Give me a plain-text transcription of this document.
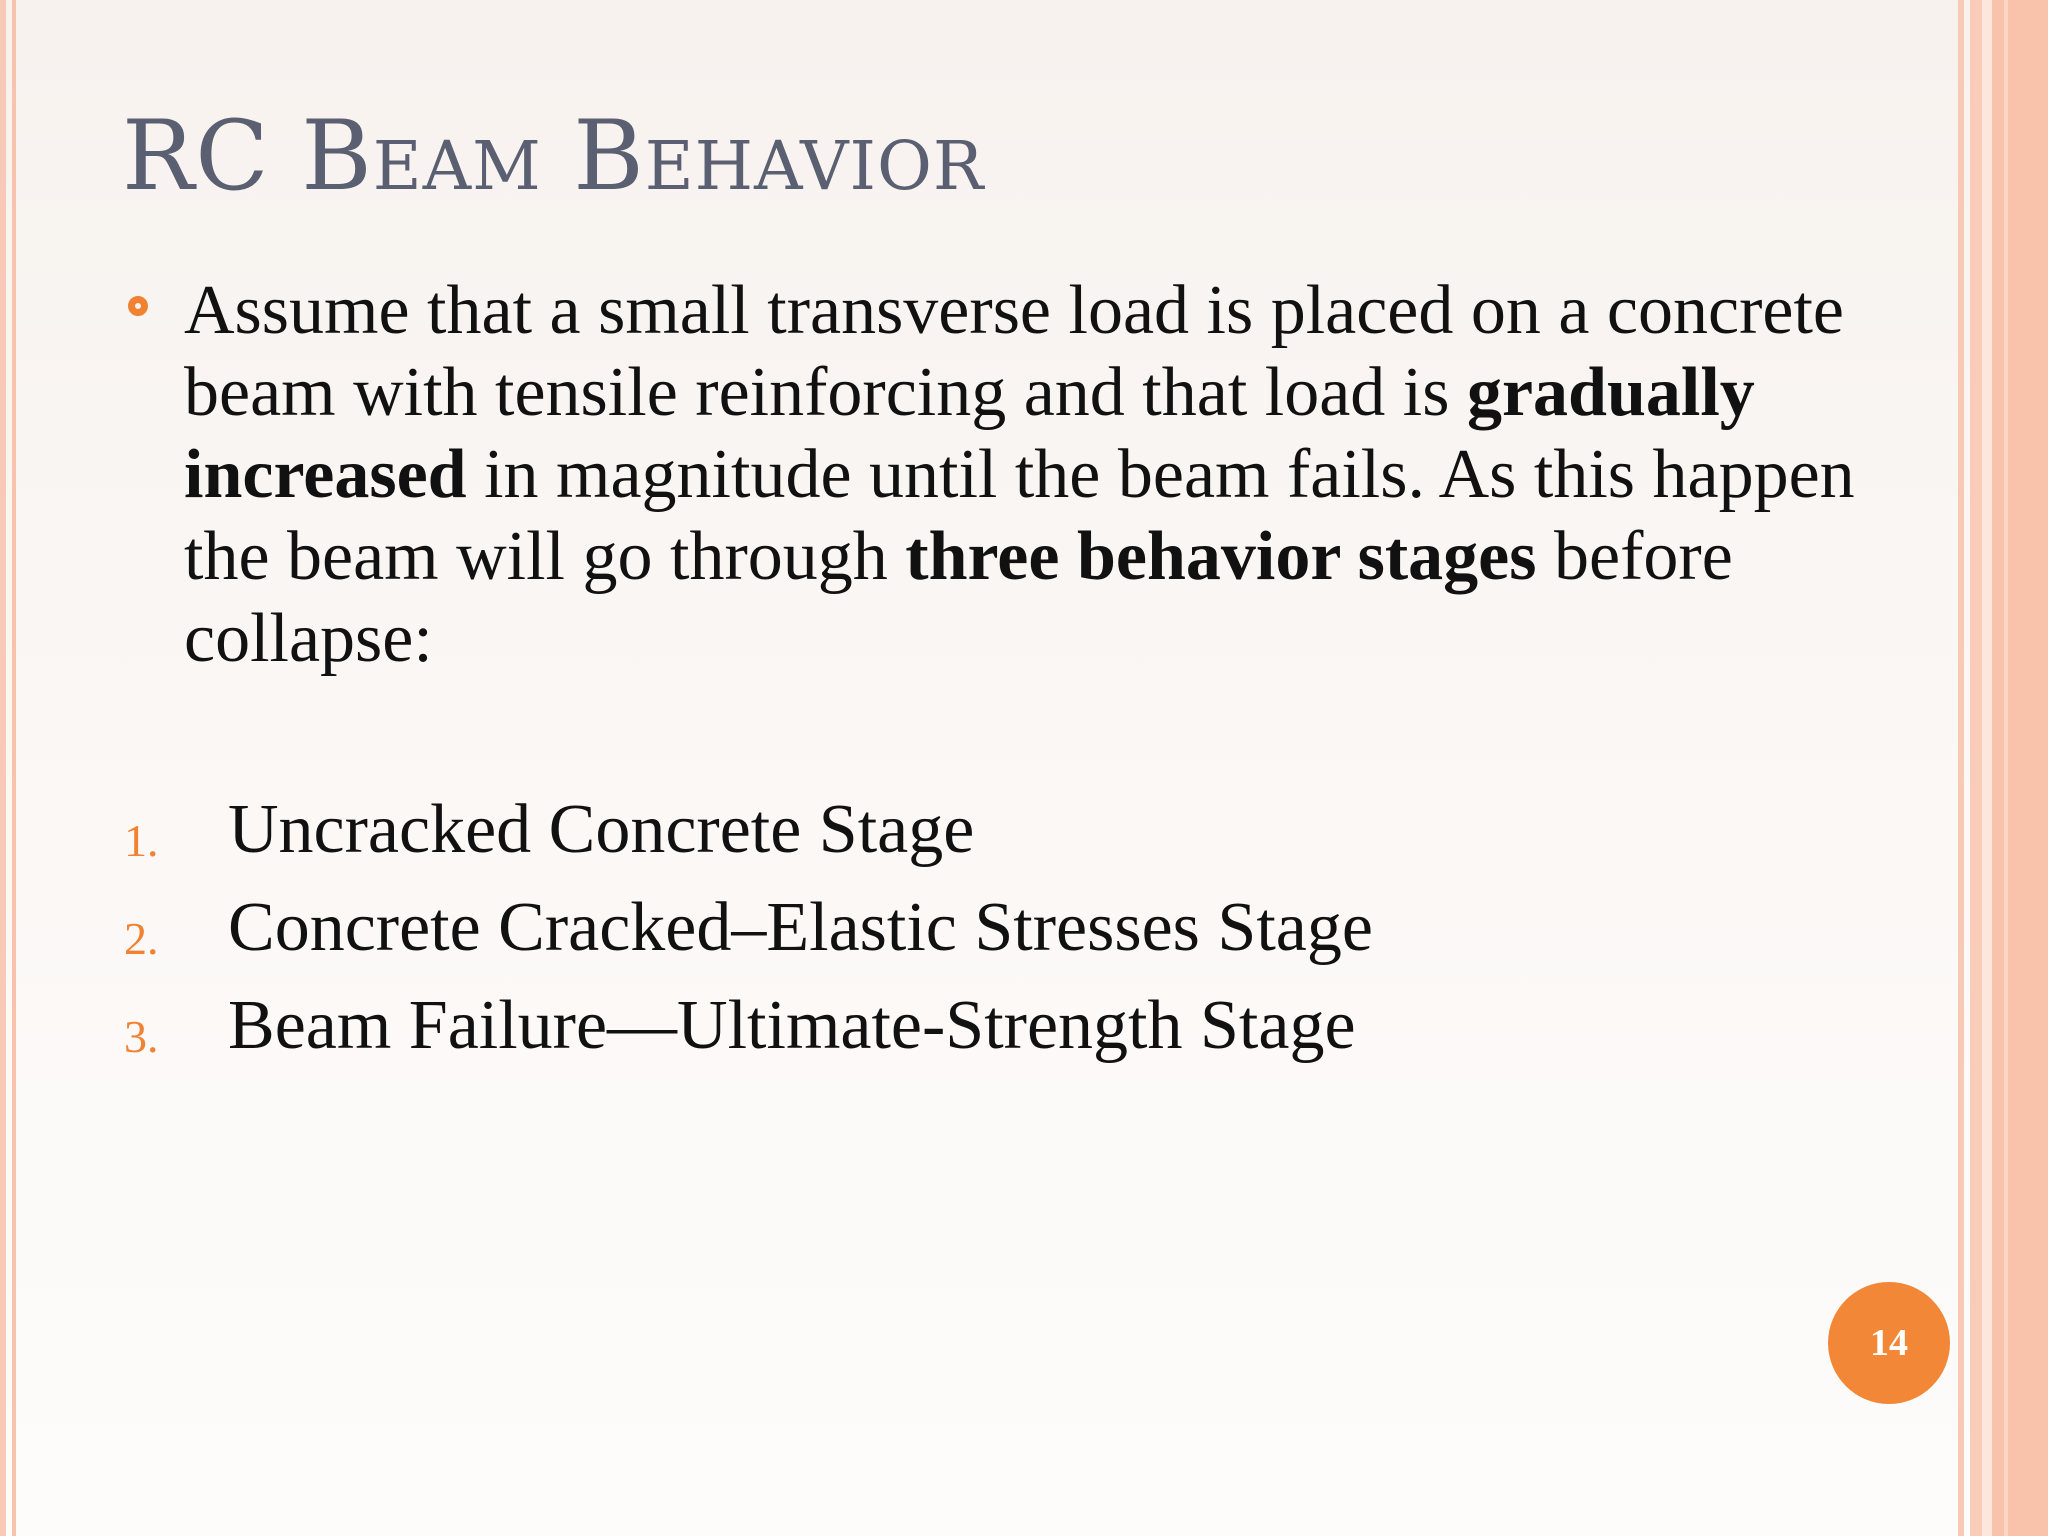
RC Beam Behavior
Assume that a small transverse load is placed on a concrete beam with tensile reinforcing and that load is gradually increased in magnitude until the beam fails. As this happen the beam will go through three behavior stages before collapse:
1. Uncracked Concrete Stage
2. Concrete Cracked–Elastic Stresses Stage
3. Beam Failure—Ultimate-Strength Stage
14
